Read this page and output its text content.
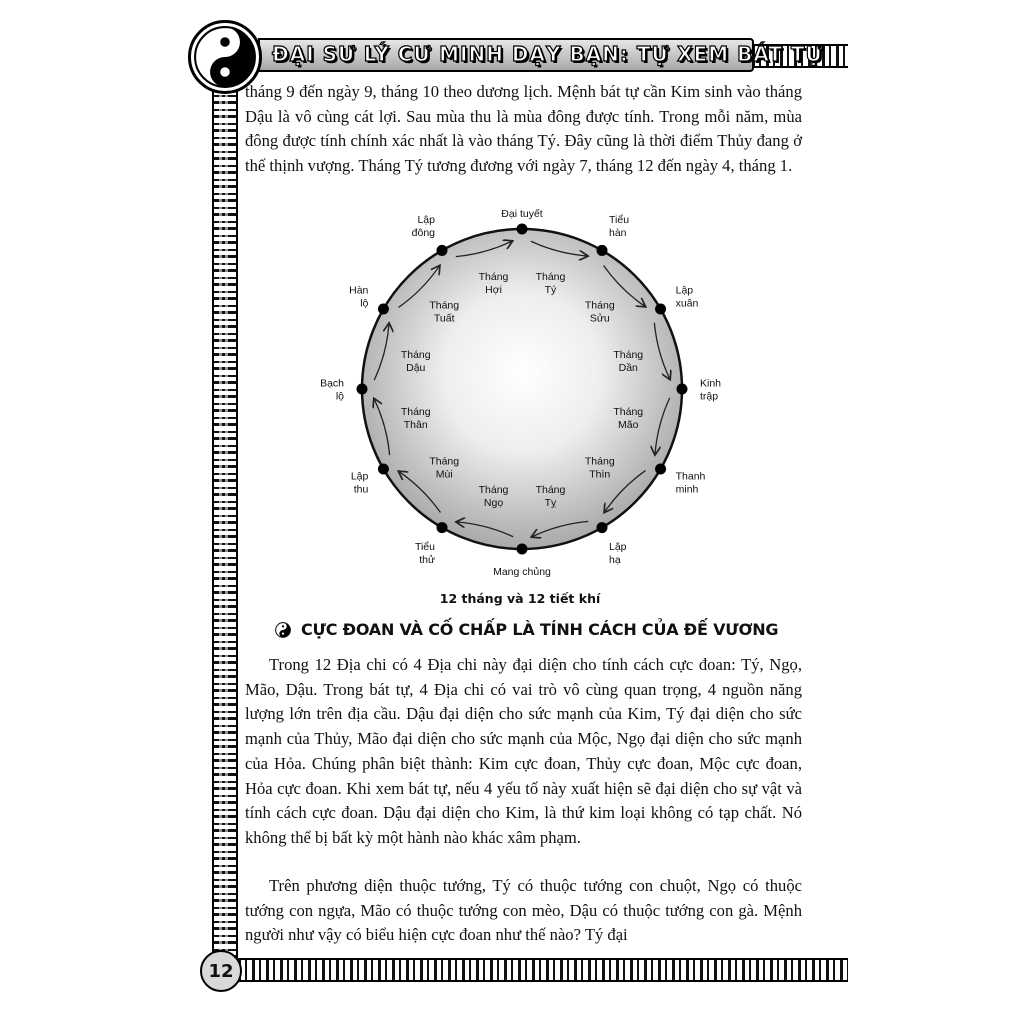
ĐẠI SƯ LÝ CƯ MINH DẠY BẠN: TỰ XEM BÁT TỰ
12

tháng 9 đến ngày 9, tháng 10 theo dương lịch. Mệnh bát tự cần Kim sinh vào tháng Dậu là vô cùng cát lợi. Sau mùa thu là mùa đông được tính. Trong mỗi năm, mùa đông được tính chính xác nhất là vào tháng Tý. Đây cũng là thời điểm Thủy đang ở thế thịnh vượng. Tháng Tý tương đương với ngày 7, tháng 12 đến ngày 4, tháng 1.

Đại tuyết	Tiểu hàn
Lập xuân
Kinh trập
Thanh minh
Lập hạ
Mang chủng
Tiểu thử
Lập thu
Bạch lộ
Hàn lộ
Lập đông
Tháng Tý
Tháng Sửu
Tháng Dần
Tháng Mão
Tháng Thìn
Tháng Tỵ
Tháng Ngọ
Tháng Mùi
Tháng Thân
Tháng Dậu
Tháng Tuất
Tháng Hợi
12 tháng và 12 tiết khí
CỰC ĐOAN VÀ CỐ CHẤP LÀ TÍNH CÁCH CỦA ĐẾ VƯƠNG

Trong 12 Địa chi có 4 Địa chi này đại diện cho tính cách cực đoan: Tý, Ngọ, Mão, Dậu. Trong bát tự, 4 Địa chi có vai trò vô cùng quan trọng, 4 nguồn năng lượng lớn trên địa cầu. Dậu đại diện cho sức mạnh của Kim, Tý đại diện cho sức mạnh của Thủy, Mão đại diện cho sức mạnh của Mộc, Ngọ đại diện cho sức mạnh của Hỏa. Chúng phân biệt thành: Kim cực đoan, Thủy cực đoan, Mộc cực đoan, Hỏa cực đoan. Khi xem bát tự, nếu 4 yếu tố này xuất hiện sẽ đại diện cho sự vật và tính cách cực đoan. Dậu đại diện cho Kim, là thứ kim loại không có tạp chất. Nó không thể bị bất kỳ một hành nào khác xâm phạm.

Trên phương diện thuộc tướng, Tý có thuộc tướng con chuột, Ngọ có thuộc tướng con ngựa, Mão có thuộc tướng con mèo, Dậu có thuộc tướng con gà. Mệnh người như vậy có biểu hiện cực đoan như thế nào? Tý đại
